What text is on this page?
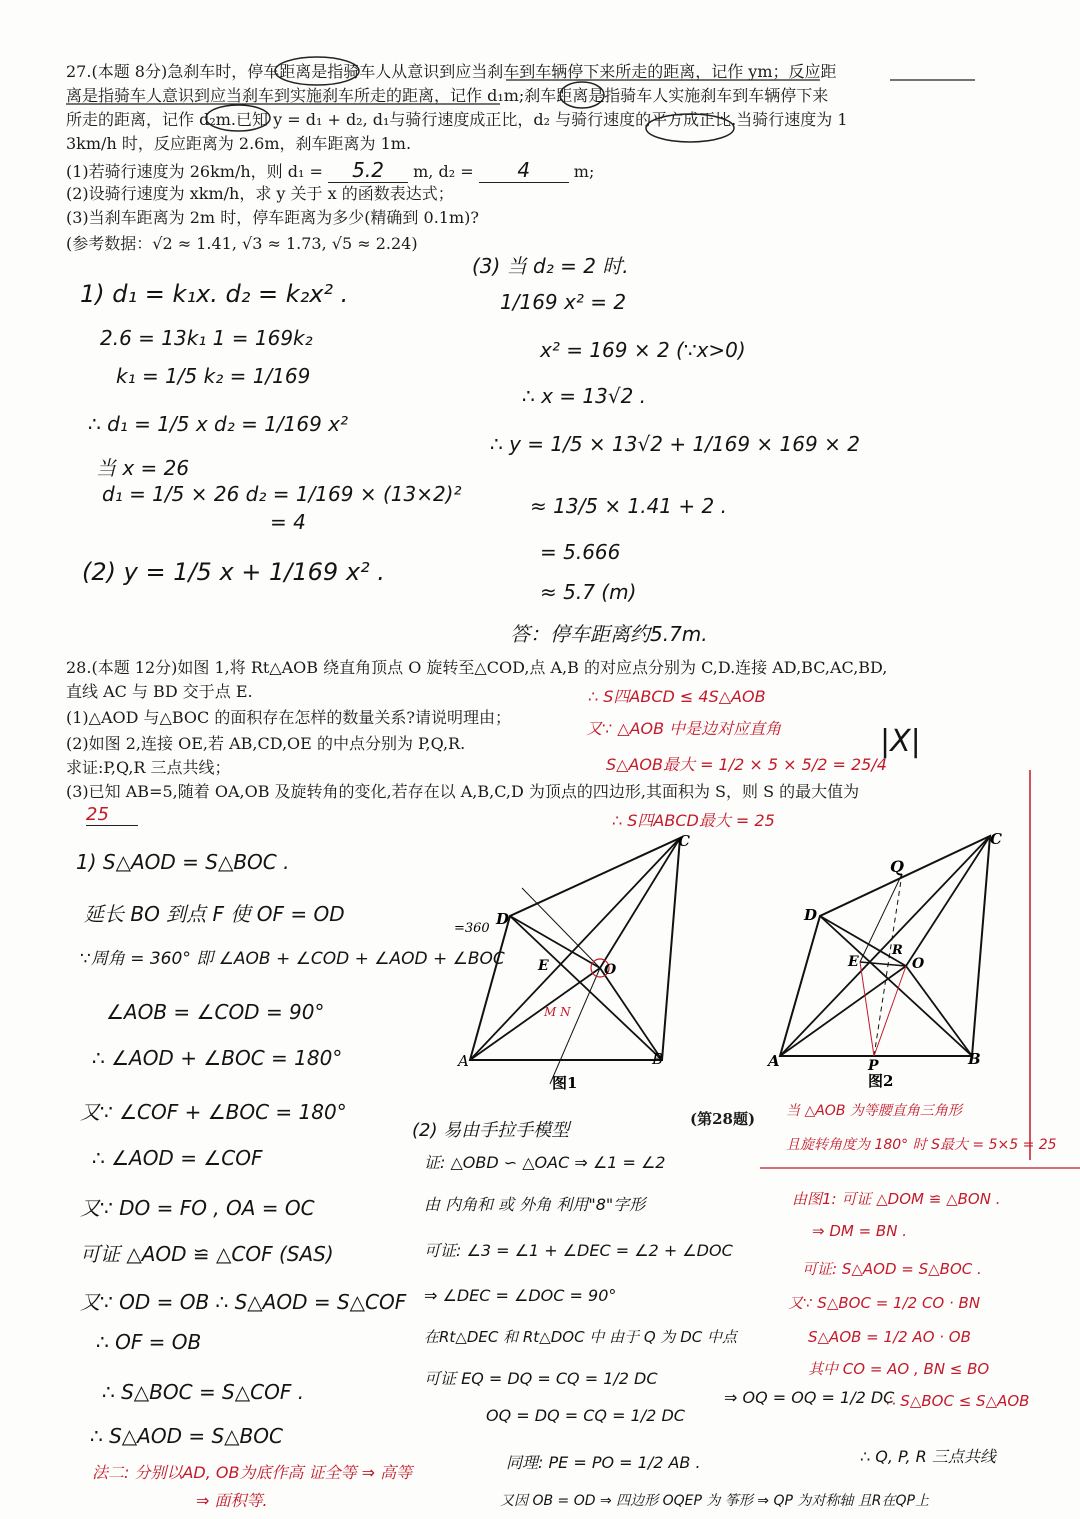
27.(本题 8分)急刹车时，停车距离是指骑车人从意识到应当刹车到车辆停下来所走的距离，记作 ym；反应距
离是指骑车人意识到应当刹车到实施刹车所走的距离，记作 d₁m;刹车距离是指骑车人实施刹车到车辆停下来
所走的距离，记作 d₂m.已知 y = d₁ + d₂, d₁与骑行速度成正比，d₂ 与骑行速度的平方成正比.当骑行速度为 1
3km/h 时，反应距离为 2.6m，刹车距离为 1m.
(1)若骑行速度为 26km/h，则 d₁ = 5.2 m, d₂ = 4	m;
(2)设骑行速度为 xkm/h，求 y 关于 x 的函数表达式；
(3)当刹车距离为 2m 时，停车距离为多少(精确到 0.1m)?
(参考数据：√2 ≈ 1.41, √3 ≈ 1.73, √5 ≈ 2.24)
1) d₁ = k₁x. d₂ = k₂x² .
2.6 = 13k₁ 1 = 169k₂
k₁ = 1/5 k₂ = 1/169
∴ d₁ = 1/5 x d₂ = 1/169 x²
当 x = 26
d₁ = 1/5 × 26 d₂ = 1/169 × (13×2)²
= 4
(2) y = 1/5 x + 1/169 x² .
(3) 当 d₂ = 2 时.
1/169 x² = 2
x² = 169 × 2 (∵x>0)
∴ x = 13√2 .
∴ y = 1/5 × 13√2 + 1/169 × 169 × 2
≈ 13/5 × 1.41 + 2 .
= 5.666
≈ 5.7 (m)
答：停车距离约5.7m.
28.(本题 12分)如图 1,将 Rt△AOB 绕直角顶点 O 旋转至△COD,点 A,B 的对应点分别为 C,D.连接 AD,BC,AC,BD,
直线 AC 与 BD 交于点 E.
(1)△AOD 与△BOC 的面积存在怎样的数量关系?请说明理由；
(2)如图 2,连接 OE,若 AB,CD,OE 的中点分别为 P,Q,R.
求证:P,Q,R 三点共线；
(3)已知 AB=5,随着 OA,OB 及旋转角的变化,若存在以 A,B,C,D 为顶点的四边形,其面积为 S，则 S 的最大值为
25
∴ S四ABCD ≤ 4S△AOB
又∵ △AOB 中是边对应直角
S△AOB最大 = 1/2 × 5 × 5/2 = 25/4
∴ S四ABCD最大 = 25
|X|
A	B
C
D
E	O
=360
M N
图1
A	B
C
D
E	O
P
Q
R
图2
(第28题)
1) S△AOD = S△BOC .
延长 BO 到点 F 使 OF = OD
∵周角 = 360° 即 ∠AOB + ∠COD + ∠AOD + ∠BOC
∠AOB = ∠COD = 90°
∴ ∠AOD + ∠BOC = 180°
又∵ ∠COF + ∠BOC = 180°
∴ ∠AOD = ∠COF
又∵ DO = FO , OA = OC
可证 △AOD ≌ △COF (SAS)
又∵ OD = OB ∴ S△AOD = S△COF
∴ OF = OB
∴ S△BOC = S△COF .
∴ S△AOD = S△BOC
法二: 分别以AD, OB为底作高 证全等 ⇒ 高等
⇒ 面积等.
(2) 易由手拉手模型
证: △OBD ∽ △OAC ⇒ ∠1 = ∠2
由 内角和 或 外角 利用"8"字形
可证: ∠3 = ∠1 + ∠DEC = ∠2 + ∠DOC
⇒ ∠DEC = ∠DOC = 90°
在Rt△DEC 和 Rt△DOC 中 由于 Q 为 DC 中点
可证 EQ = DQ = CQ = 1/2 DC
OQ = DQ = CQ = 1/2 DC
⇒ OQ = OQ = 1/2 DC
同理: PE = PO = 1/2 AB .
又因 OB = OD ⇒ 四边形 OQEP 为 筝形 ⇒ QP 为对称轴 且R在QP上
∴ Q, P, R 三点共线
当 △AOB 为等腰直角三角形
且旋转角度为 180° 时 S最大 = 5×5 = 25
由图1: 可证 △DOM ≌ △BON .
⇒ DM = BN .
可证: S△AOD = S△BOC .
又∵ S△BOC = 1/2 CO · BN
S△AOB = 1/2 AO · OB
其中 CO = AO , BN ≤ BO
∴ S△BOC ≤ S△AOB
